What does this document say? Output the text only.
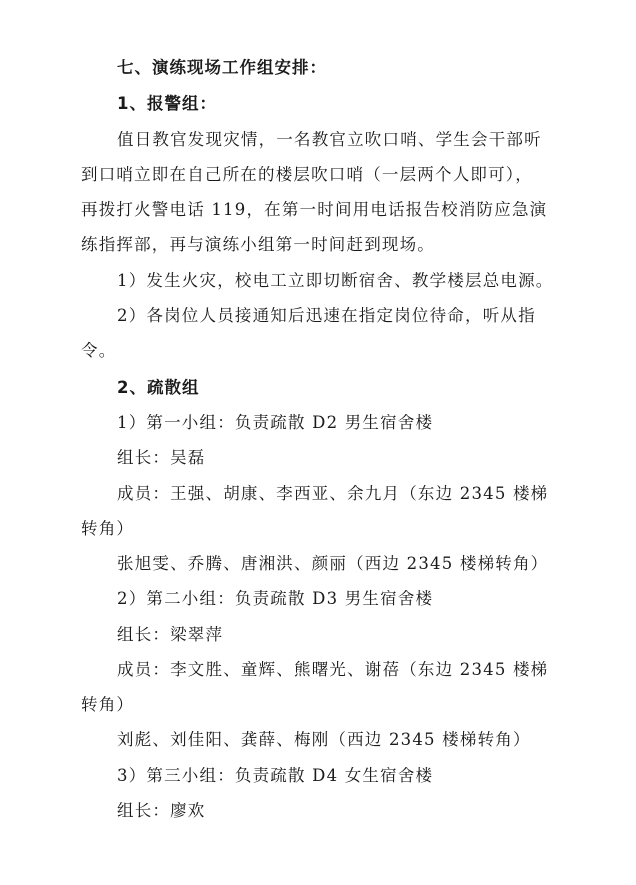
七、演练现场工作组安排：
1、报警组：
值日教官发现灾情，一名教官立吹口哨、学生会干部听
到口哨立即在自己所在的楼层吹口哨（一层两个人即可），
再拨打火警电话 119，在第一时间用电话报告校消防应急演
练指挥部，再与演练小组第一时间赶到现场。
1）发生火灾，校电工立即切断宿舍、教学楼层总电源。
2）各岗位人员接通知后迅速在指定岗位待命，听从指
令。
2、疏散组
1）第一小组：负责疏散 D2 男生宿舍楼
组长：吴磊
成员：王强、胡康、李西亚、余九月（东边 2345 楼梯
转角）
张旭雯、乔腾、唐湘洪、颜丽（西边 2345 楼梯转角）
2）第二小组：负责疏散 D3 男生宿舍楼
组长：梁翠萍
成员：李文胜、童辉、熊曙光、谢蓓（东边 2345 楼梯
转角）
刘彪、刘佳阳、龚薛、梅刚（西边 2345 楼梯转角）
3）第三小组：负责疏散 D4 女生宿舍楼
组长：廖欢
